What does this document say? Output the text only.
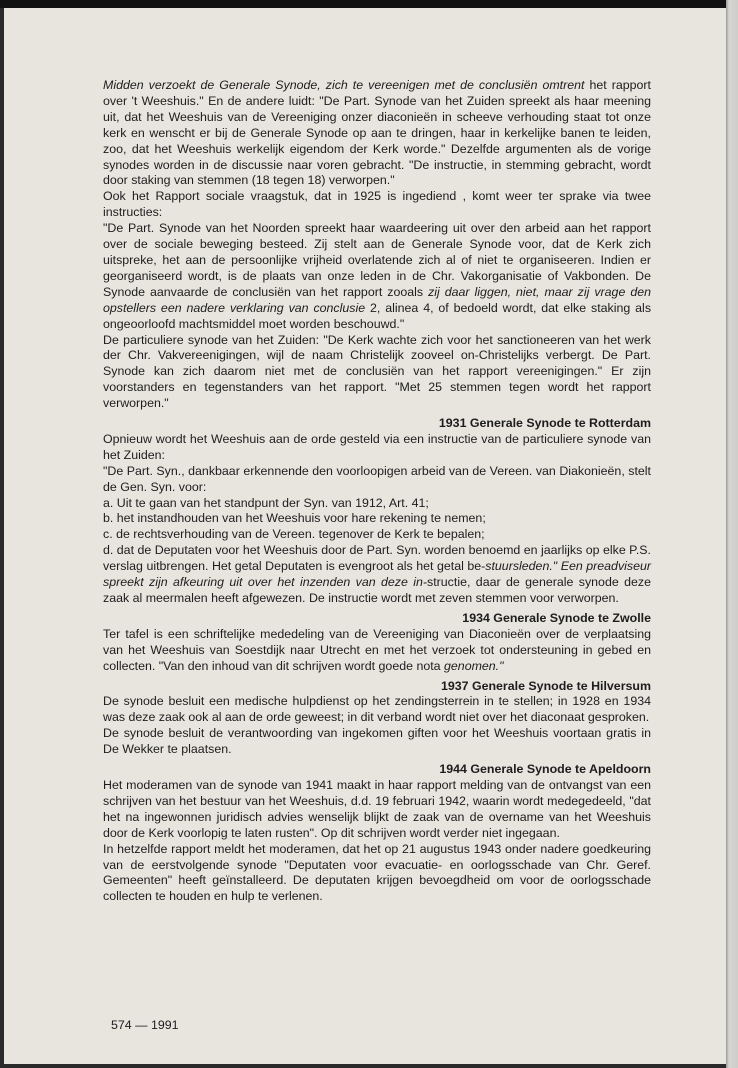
Midden verzoekt de Generale Synode, zich te vereenigen met de conclusiën omtrent het rapport over 't Weeshuis." En de andere luidt: "De Part. Synode van het Zuiden spreekt als haar meening uit, dat het Weeshuis van de Vereeniging onzer diaconieën in scheeve verhouding staat tot onze kerk en wenscht er bij de Generale Synode op aan te dringen, haar in kerkelijke banen te leiden, zoo, dat het Weeshuis werkelijk eigendom der Kerk worde." Dezelfde argumenten als de vorige synodes worden in de discussie naar voren gebracht. "De instructie, in stemming gebracht, wordt door staking van stemmen (18 tegen 18) verworpen."

Ook het Rapport sociale vraagstuk, dat in 1925 is ingediend , komt weer ter sprake via twee instructies:

"De Part. Synode van het Noorden spreekt haar waardeering uit over den arbeid aan het rapport over de sociale beweging besteed. Zij stelt aan de Generale Synode voor, dat de Kerk zich uitspreke, het aan de persoonlijke vrijheid overlatende zich al of niet te organiseeren. Indien er georganiseerd wordt, is de plaats van onze leden in de Chr. Vakorganisatie of Vakbonden. De Synode aanvaarde de conclusiën van het rapport zooals zij daar liggen, niet, maar zij vrage den opstellers een nadere verklaring van conclusie 2, alinea 4, of bedoeld wordt, dat elke staking als ongeoorloofd machtsmiddel moet worden beschouwd."

De particuliere synode van het Zuiden: "De Kerk wachte zich voor het sanctioneeren van het werk der Chr. Vakvereenigingen, wijl de naam Christelijk zooveel on-Christelijks verbergt. De Part. Synode kan zich daarom niet met de conclusiën van het rapport vereenigingen." Er zijn voorstanders en tegenstanders van het rapport. "Met 25 stemmen tegen wordt het rapport verworpen."

1931 Generale Synode te Rotterdam

Opnieuw wordt het Weeshuis aan de orde gesteld via een instructie van de particuliere synode van het Zuiden:

"De Part. Syn., dankbaar erkennende den voorloopigen arbeid van de Vereen. van Diakonieën, stelt de Gen. Syn. voor:

a. Uit te gaan van het standpunt der Syn. van 1912, Art. 41;

b. het instandhouden van het Weeshuis voor hare rekening te nemen;

c. de rechtsverhouding van de Vereen. tegenover de Kerk te bepalen;

d. dat de Deputaten voor het Weeshuis door de Part. Syn. worden benoemd en jaarlijks op elke P.S. verslag uitbrengen. Het getal Deputaten is evengroot als het getal be-stuursleden." Een preadviseur spreekt zijn afkeuring uit over het inzenden van deze in-structie, daar de generale synode deze zaak al meermalen heeft afgewezen. De instructie wordt met zeven stemmen voor verworpen.

1934 Generale Synode te Zwolle

Ter tafel is een schriftelijke mededeling van de Vereeniging van Diaconieën over de verplaatsing van het Weeshuis van Soestdijk naar Utrecht en met het verzoek tot ondersteuning in gebed en collecten. "Van den inhoud van dit schrijven wordt goede nota genomen."

1937 Generale Synode te Hilversum

De synode besluit een medische hulpdienst op het zendingsterrein in te stellen; in 1928 en 1934 was deze zaak ook al aan de orde geweest; in dit verband wordt niet over het diaconaat gesproken.

De synode besluit de verantwoording van ingekomen giften voor het Weeshuis voortaan gratis in De Wekker te plaatsen.

1944 Generale Synode te Apeldoorn

Het moderamen van de synode van 1941 maakt in haar rapport melding van de ontvangst van een schrijven van het bestuur van het Weeshuis, d.d. 19 februari 1942, waarin wordt medegedeeld, "dat het na ingewonnen juridisch advies wenselijk blijkt de zaak van de overname van het Weeshuis door de Kerk voorlopig te laten rusten". Op dit schrijven wordt verder niet ingegaan.

In hetzelfde rapport meldt het moderamen, dat het op 21 augustus 1943 onder nadere goedkeuring van de eerstvolgende synode "Deputaten voor evacuatie- en oorlogsschade van Chr. Geref. Gemeenten" heeft geïnstalleerd. De deputaten krijgen bevoegdheid om voor de oorlogsschade collecten te houden en hulp te verlenen.

574 — 1991
